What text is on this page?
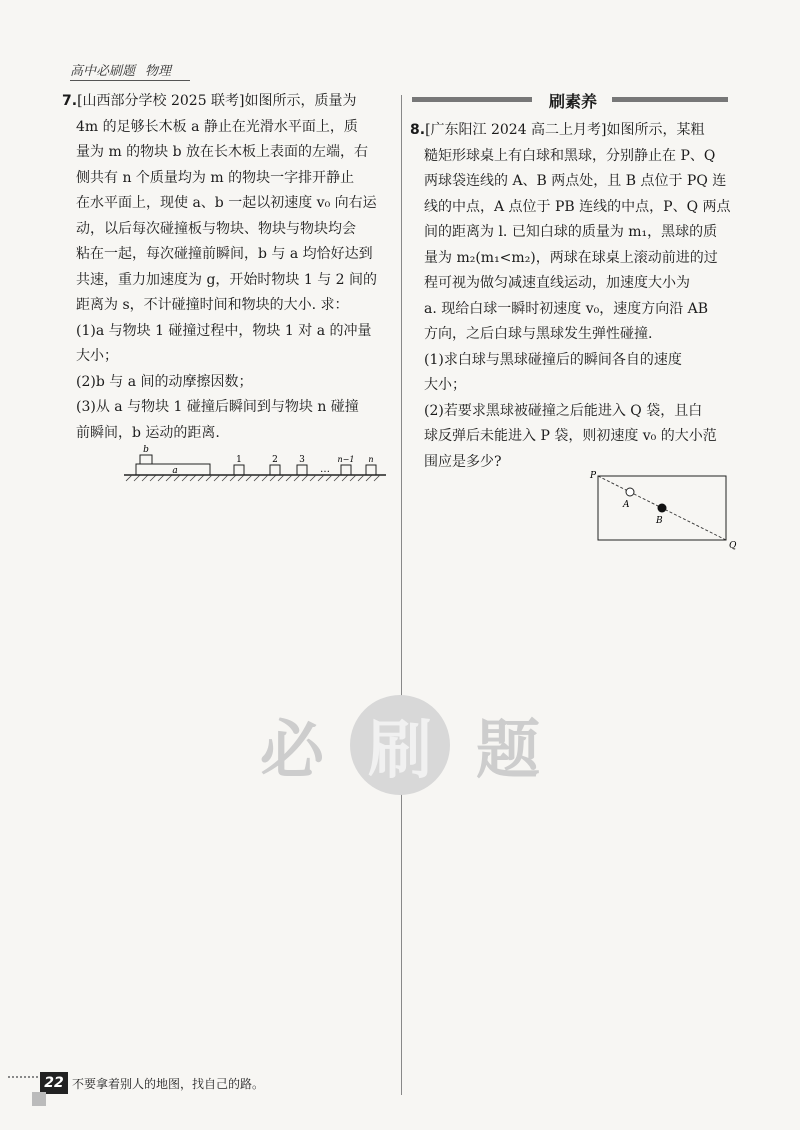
高中必刷题 物理

7.[山西部分学校 2025 联考]如图所示，质量为

4m 的足够长木板 a 静止在光滑水平面上，质

量为 m 的物块 b 放在长木板上表面的左端，右

侧共有 n 个质量均为 m 的物块一字排开静止

在水平面上，现使 a、b 一起以初速度 v₀ 向右运

动，以后每次碰撞板与物块、物块与物块均会

粘在一起，每次碰撞前瞬间，b 与 a 均恰好达到

共速，重力加速度为 g，开始时物块 1 与 2 间的

距离为 s，不计碰撞时间和物块的大小. 求：

(1)a 与物块 1 碰撞过程中，物块 1 对 a 的冲量

大小；

(2)b 与 a 间的动摩擦因数；

(3)从 a 与物块 1 碰撞后瞬间到与物块 n 碰撞

前瞬间，b 运动的距离.

a
b
1	2 3
…
n−1 n
刷素养

8.[广东阳江 2024 高二上月考]如图所示，某粗

糙矩形球桌上有白球和黑球，分别静止在 P、Q

两球袋连线的 A、B 两点处，且 B 点位于 PQ 连

线的中点，A 点位于 PB 连线的中点，P、Q 两点

间的距离为 l. 已知白球的质量为 m₁，黑球的质

量为 m₂(m₁<m₂)，两球在球桌上滚动前进的过

程可视为做匀减速直线运动，加速度大小为

a. 现给白球一瞬时初速度 v₀，速度方向沿 AB

方向，之后白球与黑球发生弹性碰撞.

(1)求白球与黑球碰撞后的瞬间各自的速度

大小；

(2)若要求黑球被碰撞之后能进入 Q 袋，且白

球反弹后未能进入 P 袋，则初速度 v₀ 的大小范

围应是多少?

P
Q
A
B
必 刷 题
22 不要拿着别人的地图，找自己的路。
